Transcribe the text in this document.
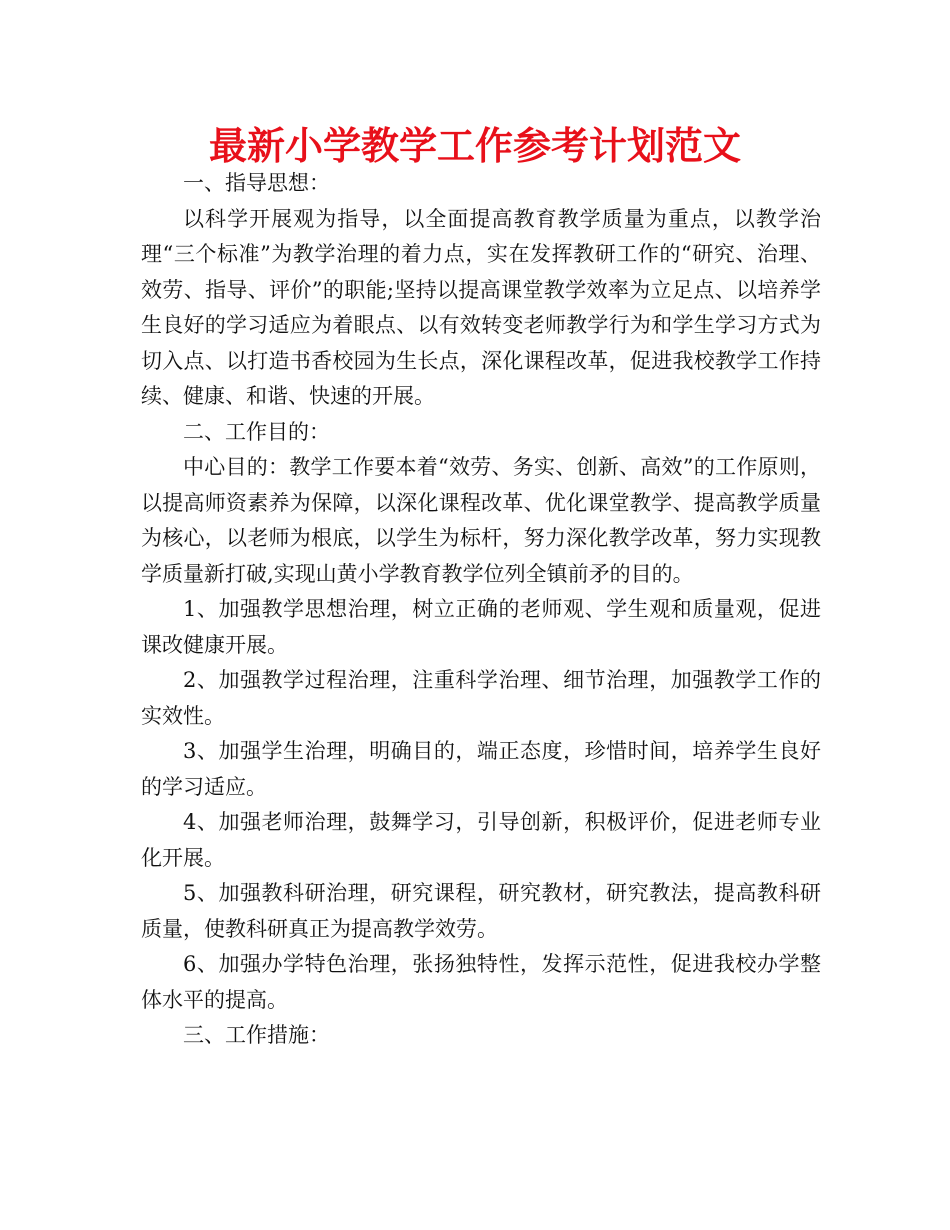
最新小学教学工作参考计划范文

一、指导思想：

以科学开展观为指导，以全面提高教育教学质量为重点，以教学治理“三个标准”为教学治理的着力点，实在发挥教研工作的“研究、治理、效劳、指导、评价”的职能;坚持以提高课堂教学效率为立足点、以培养学生良好的学习适应为着眼点、以有效转变老师教学行为和学生学习方式为切入点、以打造书香校园为生长点，深化课程改革，促进我校教学工作持续、健康、和谐、快速的开展。

二、工作目的：

中心目的：教学工作要本着“效劳、务实、创新、高效”的工作原则，以提高师资素养为保障，以深化课程改革、优化课堂教学、提高教学质量为核心，以老师为根底，以学生为标杆，努力深化教学改革，努力实现教学质量新打破,实现山黄小学教育教学位列全镇前矛的目的。

1、加强教学思想治理，树立正确的老师观、学生观和质量观，促进课改健康开展。

2、加强教学过程治理，注重科学治理、细节治理，加强教学工作的实效性。

3、加强学生治理，明确目的，端正态度，珍惜时间，培养学生良好的学习适应。

4、加强老师治理，鼓舞学习，引导创新，积极评价，促进老师专业化开展。

5、加强教科研治理，研究课程，研究教材，研究教法，提高教科研质量，使教科研真正为提高教学效劳。

6、加强办学特色治理，张扬独特性，发挥示范性，促进我校办学整体水平的提高。

三、工作措施：
